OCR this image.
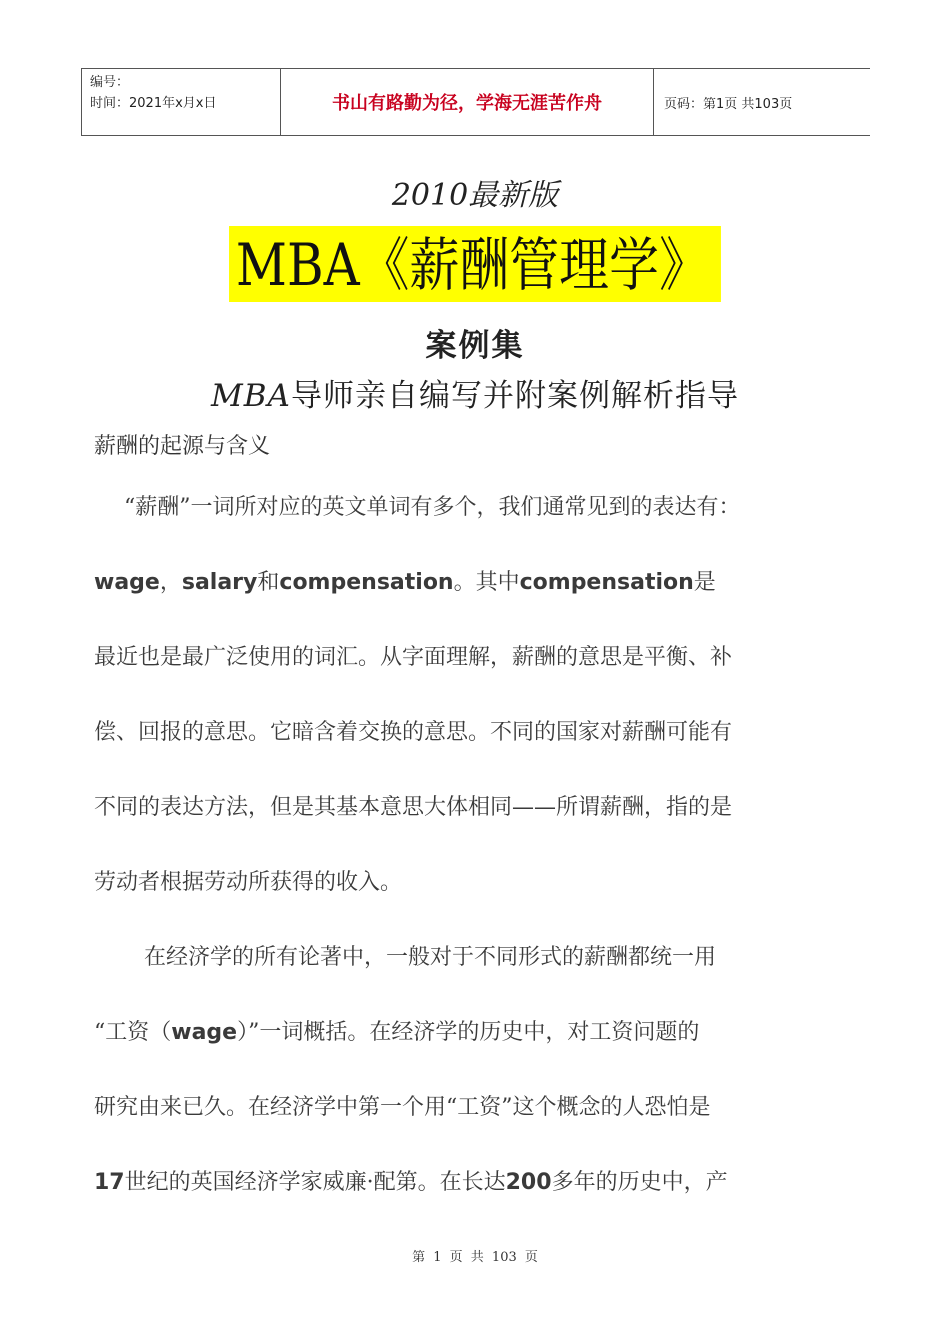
编号：
时间：2021年x月x日	书山有路勤为径，学海无涯苦作舟	页码：第1页 共103页
2010最新版
MBA《薪酬管理学》
案例集
MBA导师亲自编写并附案例解析指导
薪酬的起源与含义
“薪酬”一词所对应的英文单词有多个，我们通常见到的表达有：
wage，salary和compensation。其中compensation是
最近也是最广泛使用的词汇。从字面理解，薪酬的意思是平衡、补
偿、回报的意思。它暗含着交换的意思。不同的国家对薪酬可能有
不同的表达方法，但是其基本意思大体相同——所谓薪酬，指的是
劳动者根据劳动所获得的收入。
在经济学的所有论著中，一般对于不同形式的薪酬都统一用
“工资（wage）”一词概括。在经济学的历史中，对工资问题的
研究由来已久。在经济学中第一个用“工资”这个概念的人恐怕是
17世纪的英国经济学家威廉·配第。在长达200多年的历史中，产
第 1 页 共 103 页
